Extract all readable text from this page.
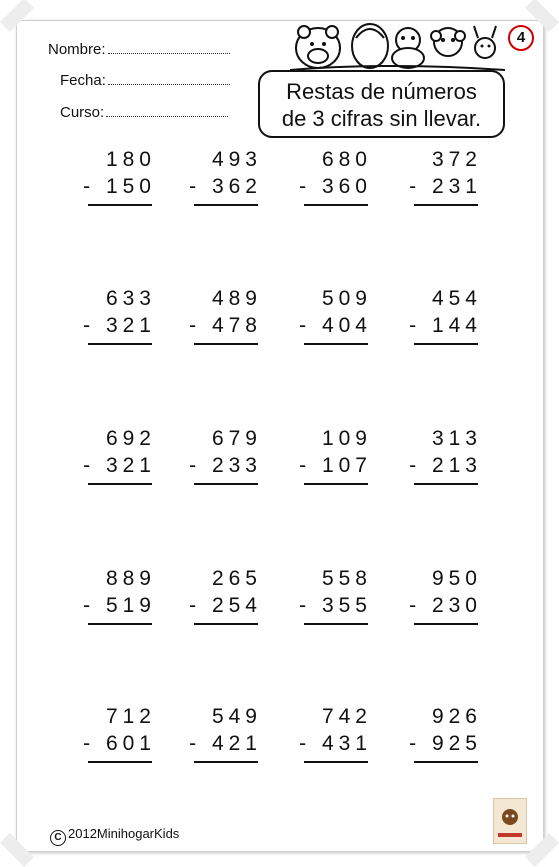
Nombre:
Fecha:
Curso:
Restas de números
de 3 cifras sin llevar.
4
180
- 150
493
- 362
680
- 360
372
- 231
633
- 321
489
- 478
509
- 404
454
- 144
692
- 321
679
- 233
109
- 107
313
- 213
889
- 519
265
- 254
558
- 355
950
- 230
712
- 601
549
- 421
742
- 431
926
- 925
C 2012MinihogarKids
